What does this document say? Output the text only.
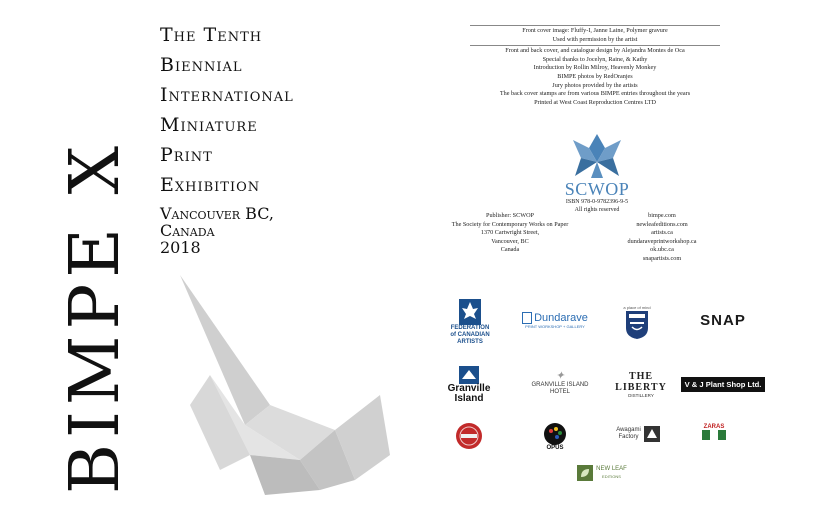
BIMPE X
The Tenth
Biennial
International
Miniature
Print
Exhibition
Vancouver BC,
Canada
2018
Front cover image: Fluffy-I, Janne Laine, Polymer gravure
Used with permission by the artist
Front and back cover, and catalogue design by Alejandra Montes de Oca
Special thanks to Jocelyn, Raine, & Kathy
Introduction by Rollin Milroy, Heavenly Monkey
BIMPE photos by RedOranjes
Jury photos provided by the artists
The back cover stamps are from various BIMPE entries throughout the years
Printed at West Coast Reproduction Centres LTD
SCWOP
ISBN 978-0-9782396-9-5
All rights reserved
Publisher: SCWOP
The Society for Contemporary Works on Paper
1370 Cartwright Street,
Vancouver, BC
Canada
bimpe.com
newleafeditions.com
artists.ca
dundaraveprintworkshop.ca
ok.ubc.ca
snapartists.com
FEDERATION
of CANADIAN
ARTISTS
Dundarave
PRINT WORKSHOP + GALLERY
a place of mind
SNAP
Granville
Island
✦
GRANVILLE ISLAND
HOTEL
THE LIBERTY
DISTILLERY
V & J Plant Shop Ltd.
OPUS
Awagami
Factory
ZARAS
NEW LEAF
EDITIONS
